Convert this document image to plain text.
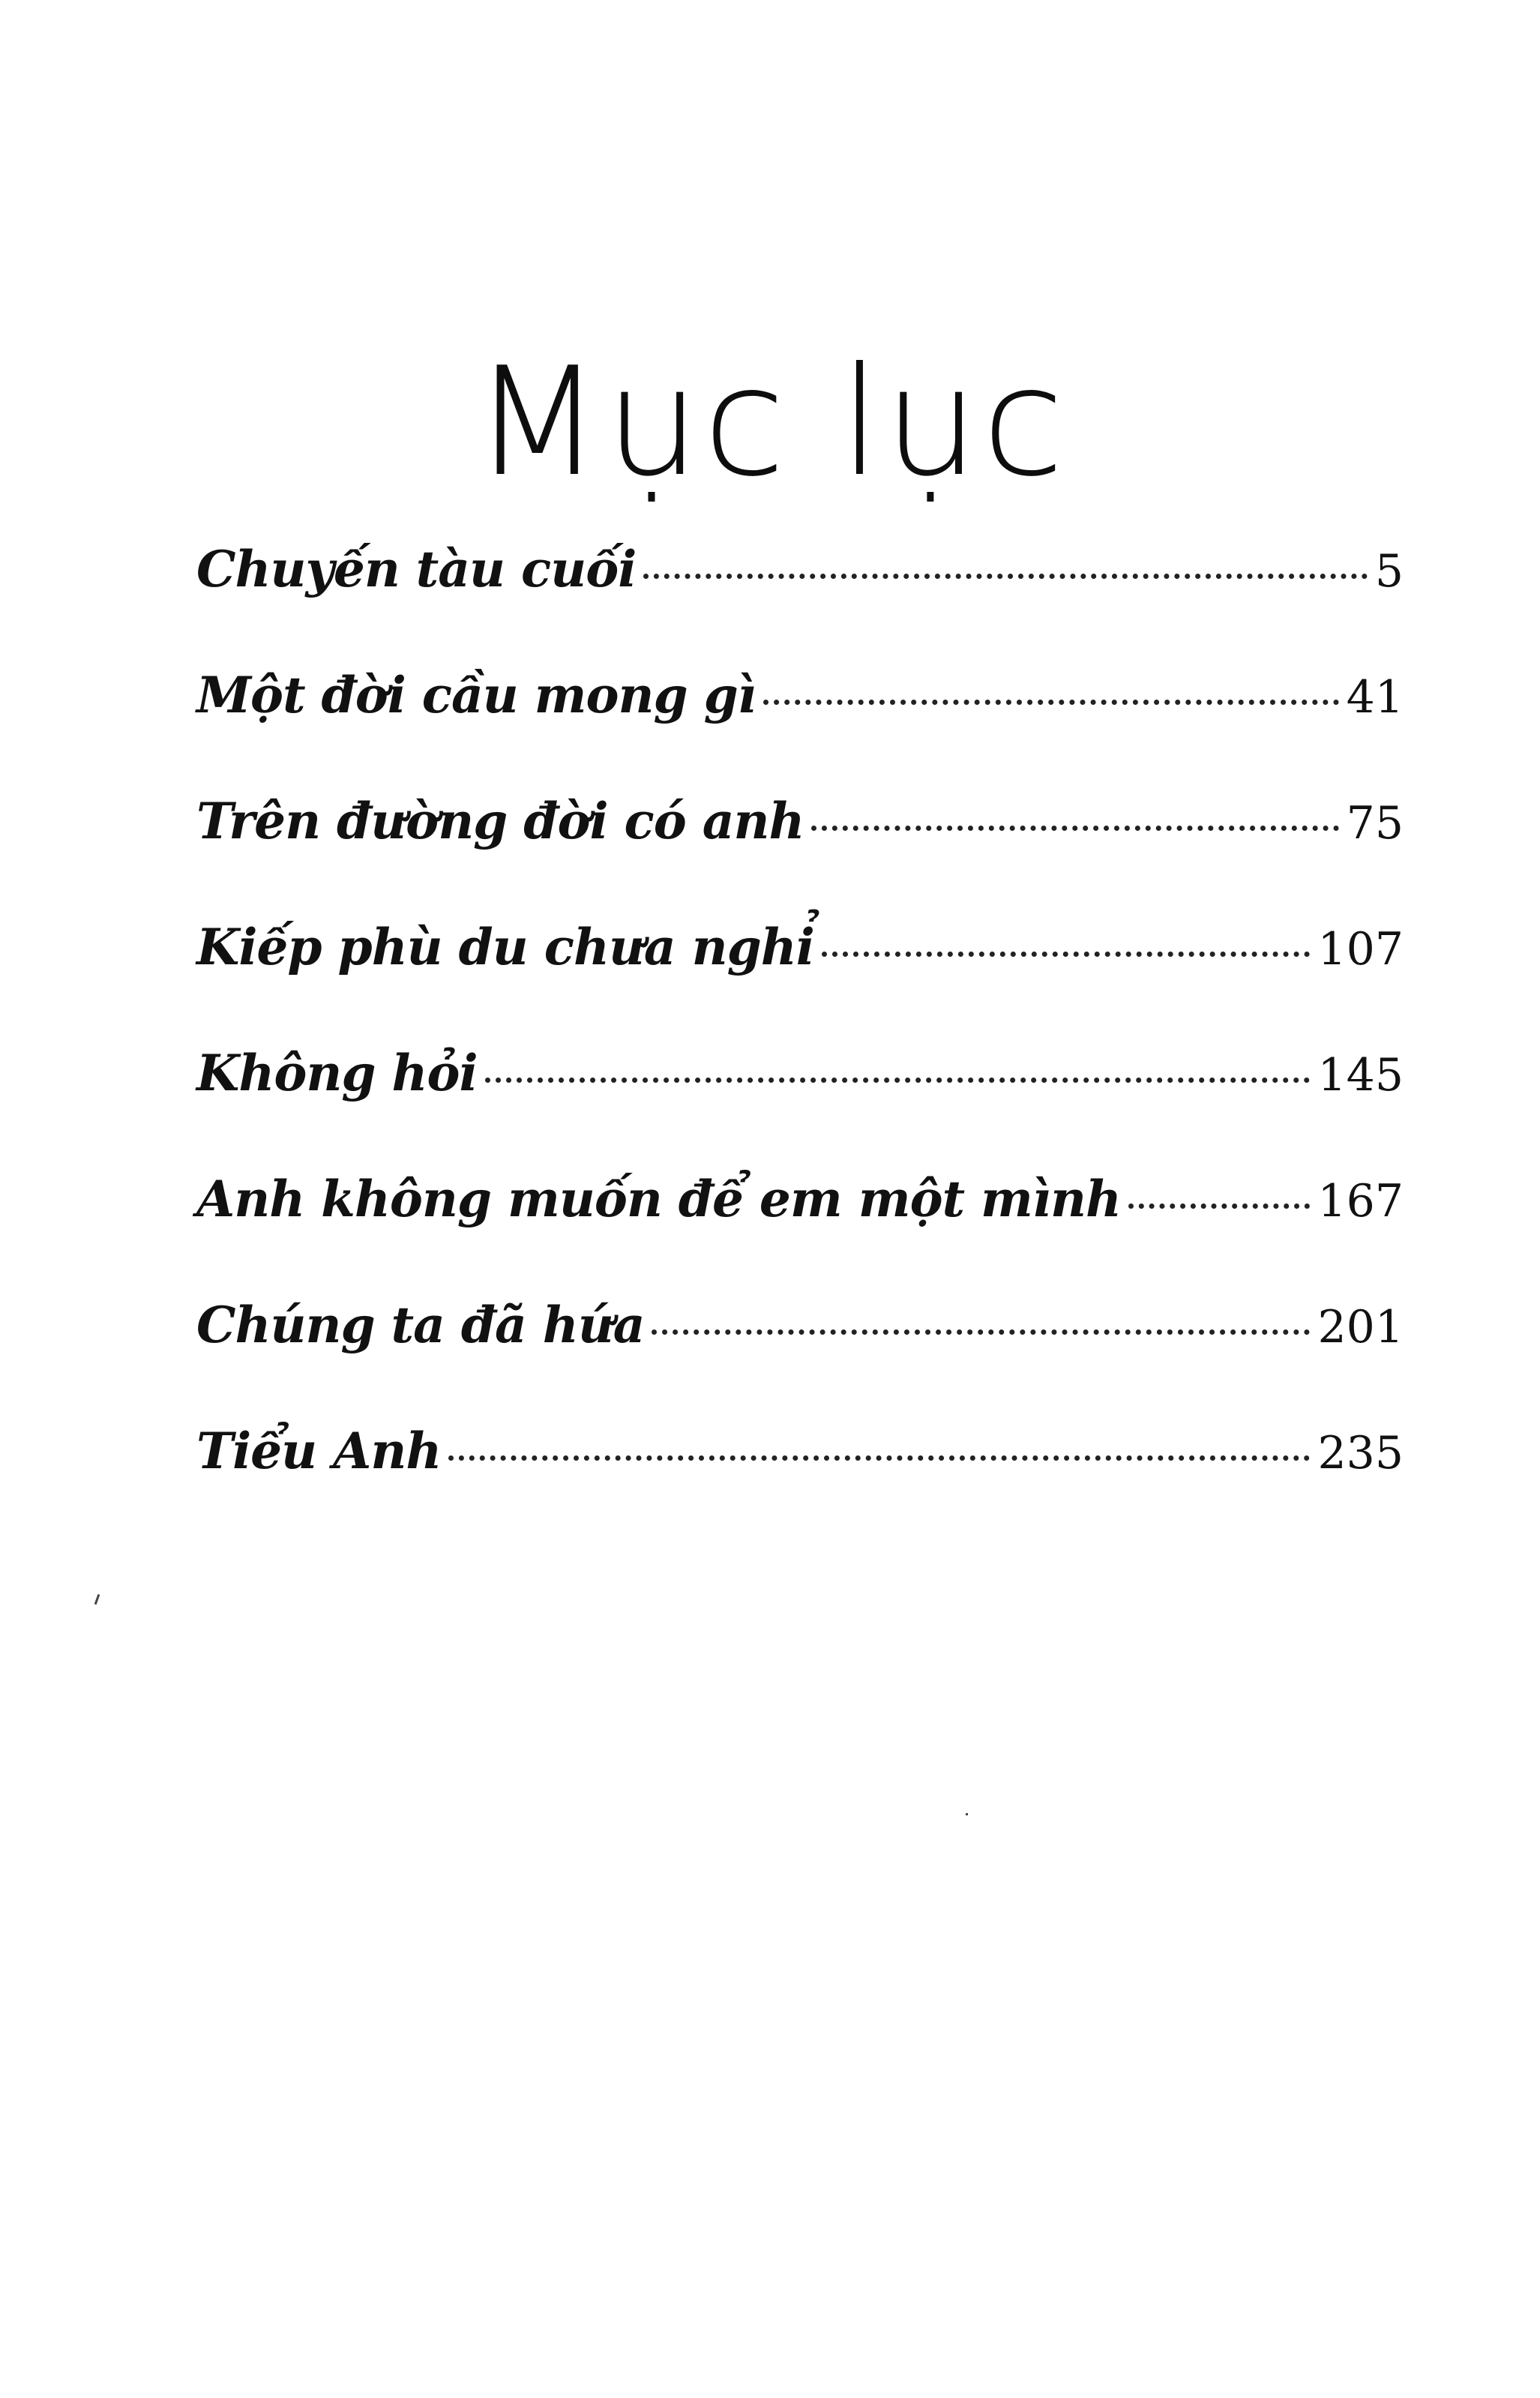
Mục lục
Chuyến tàu cuối	5
Một đời cầu mong gì	41
Trên đường đời có anh	75
Kiếp phù du chưa nghỉ	107
Không hỏi	145
Anh không muốn để em một mình	167
Chúng ta đã hứa	201
Tiểu Anh	235
